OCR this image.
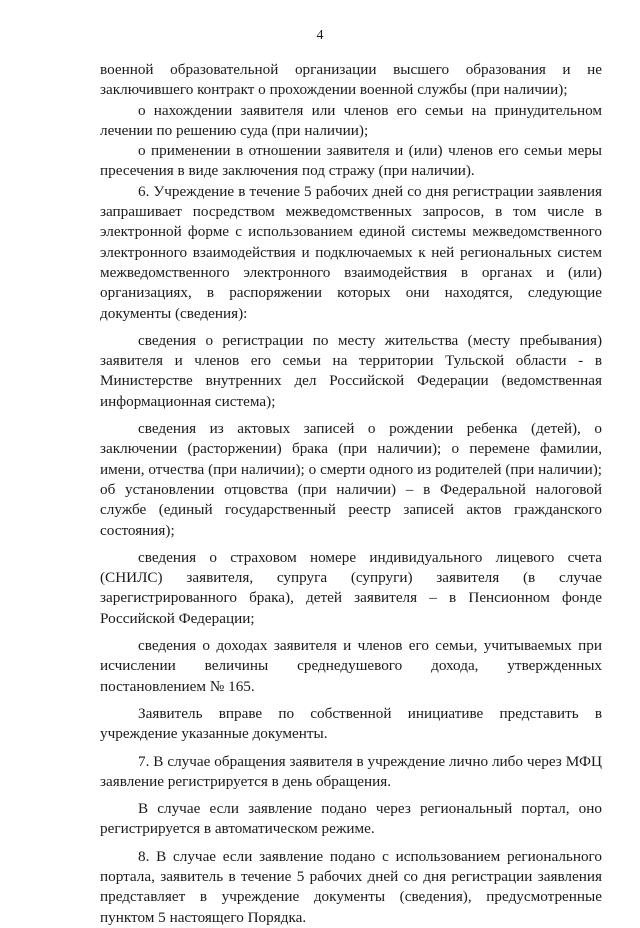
4

военной образовательной организации высшего образования и не заключившего контракт о прохождении военной службы (при наличии);

о нахождении заявителя или членов его семьи на принудительном лечении по решению суда (при наличии);

о применении в отношении заявителя и (или) членов его семьи меры пресечения в виде заключения под стражу (при наличии).

6. Учреждение в течение 5 рабочих дней со дня регистрации заявления запрашивает посредством межведомственных запросов, в том числе в электронной форме с использованием единой системы межведомственного электронного взаимодействия и подключаемых к ней региональных систем межведомственного электронного взаимодействия в органах и (или) организациях, в распоряжении которых они находятся, следующие документы (сведения):

сведения о регистрации по месту жительства (месту пребывания) заявителя и членов его семьи на территории Тульской области - в Министерстве внутренних дел Российской Федерации (ведомственная информационная система);

сведения из актовых записей о рождении ребенка (детей), о заключении (расторжении) брака (при наличии); о перемене фамилии, имени, отчества (при наличии); о смерти одного из родителей (при наличии); об установлении отцовства (при наличии) – в Федеральной налоговой службе (единый государственный реестр записей актов гражданского состояния);

сведения о страховом номере индивидуального лицевого счета (СНИЛС) заявителя, супруга (супруги) заявителя (в случае зарегистрированного брака), детей заявителя – в Пенсионном фонде Российской Федерации;

сведения о доходах заявителя и членов его семьи, учитываемых при исчислении величины среднедушевого дохода, утвержденных постановлением № 165.

Заявитель вправе по собственной инициативе представить в учреждение указанные документы.

7. В случае обращения заявителя в учреждение лично либо через МФЦ заявление регистрируется в день обращения.

В случае если заявление подано через региональный портал, оно регистрируется в автоматическом режиме.

8. В случае если заявление подано с использованием регионального портала, заявитель в течение 5 рабочих дней со дня регистрации заявления представляет в учреждение документы (сведения), предусмотренные пунктом 5 настоящего Порядка.
